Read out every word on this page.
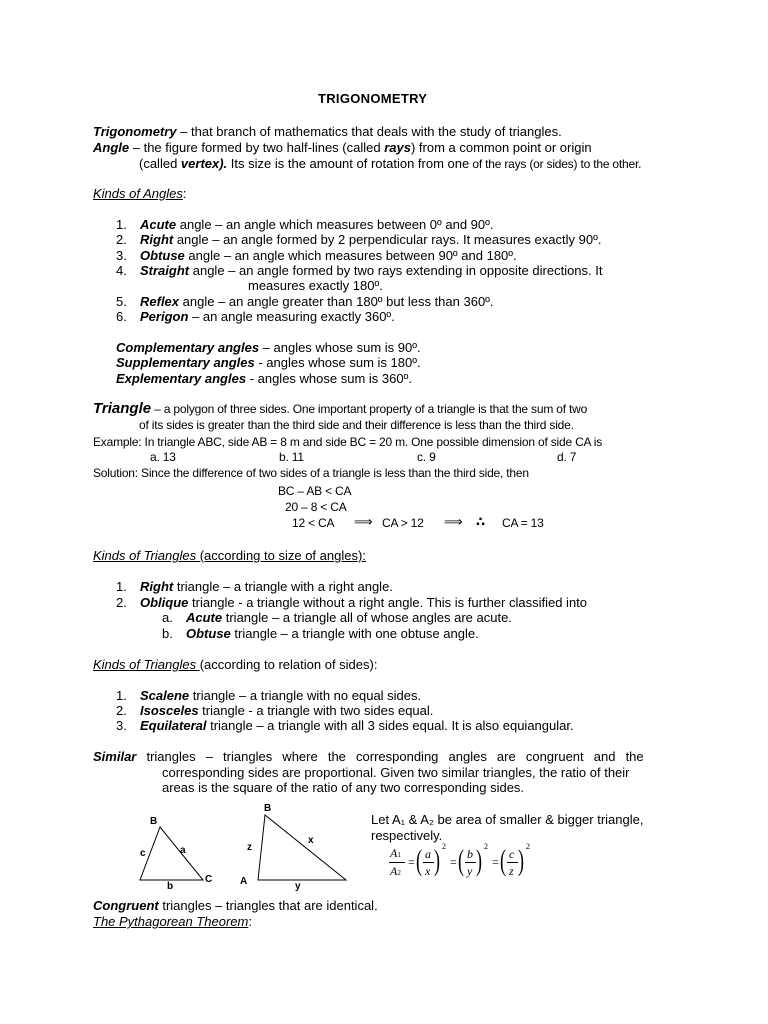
TRIGONOMETRY
Trigonometry – that branch of mathematics that deals with the study of triangles.
Angle – the figure formed by two half-lines (called rays) from a common point or origin
(called vertex). Its size is the amount of rotation from one of the rays (or sides) to the other.
Kinds of Angles:
1. Acute angle – an angle which measures between 0º and 90º.
2. Right angle – an angle formed by 2 perpendicular rays. It measures exactly 90º.
3. Obtuse angle – an angle which measures between 90º and 180º.
4. Straight angle – an angle formed by two rays extending in opposite directions. It
measures exactly 180º.
5. Reflex angle – an angle greater than 180º but less than 360º.
6. Perigon – an angle measuring exactly 360º.
Complementary angles – angles whose sum is 90º.
Supplementary angles - angles whose sum is 180º.
Explementary angles - angles whose sum is 360º.
Triangle – a polygon of three sides. One important property of a triangle is that the sum of two
of its sides is greater than the third side and their difference is less than the third side.
Example: In triangle ABC, side AB = 8 m and side BC = 20 m. One possible dimension of side CA is
a. 13	b. 11	c. 9	d. 7
Solution: Since the difference of two sides of a triangle is less than the third side, then
BC – AB < CA
20 – 8 < CA
12 < CA ⟹ CA > 12 ⟹ ∴ CA = 13
Kinds of Triangles (according to size of angles):
1. Right triangle – a triangle with a right angle.
2. Oblique triangle - a triangle without a right angle. This is further classified into
a. Acute triangle – a triangle all of whose angles are acute.
b. Obtuse triangle – a triangle with one obtuse angle.
Kinds of Triangles (according to relation of sides):
1. Scalene triangle – a triangle with no equal sides.
2. Isosceles triangle - a triangle with two sides equal.
3. Equilateral triangle – a triangle with all 3 sides equal. It is also equiangular.
Similar triangles – triangles where the corresponding angles are congruent and the
corresponding sides are proportional. Given two similar triangles, the ratio of their
areas is the square of the ratio of any two corresponding sides.
B
c	a
C
b
B
z
x
A	y
Let A₁ & A₂ be area of smaller & bigger triangle,
respectively.
A1
A2
= ( a
x ) 2
= ( b
y ) 2
= ( c
z ) 2
Congruent triangles – triangles that are identical.
The Pythagorean Theorem:
